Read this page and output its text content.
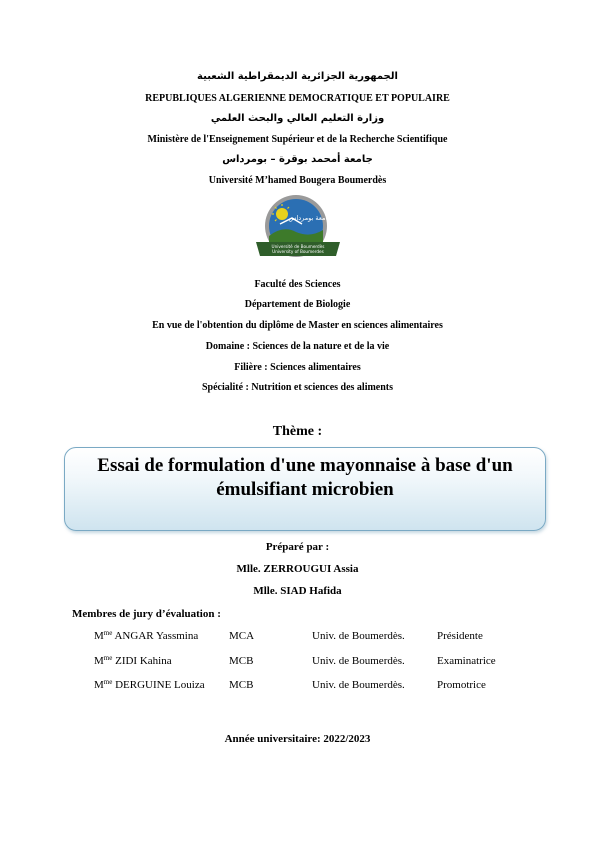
الجمهورية الجزائرية الديمقراطية الشعبية
REPUBLIQUES ALGERIENNE DEMOCRATIQUE ET POPULAIRE
وزارة التعليم العالي والبحث العلمي
Ministère de l'Enseignement Supérieur et de la Recherche Scientifique
جامعة أمحمد بوقرة – بومرداس
Université M’hamed Bougera Boumerdès
Université de Boumerdès
University of Boumerdes
جامعة بومرداس
Faculté des Sciences
Département de Biologie
En vue de l'obtention du diplôme de Master en sciences alimentaires
Domaine : Sciences de la nature et de la vie
Filière : Sciences alimentaires
Spécialité : Nutrition et sciences des aliments
Thème :
Essai de formulation d'une mayonnaise à base d'un
émulsifiant microbien
Préparé par :
Mlle. ZERROUGUI Assia
Mlle. SIAD Hafida
Membres de jury d’évaluation :
$M^{me}$ ANGAR Yassmina	MCA	Univ. de Boumerdès.	Présidente
$M^{me}$ ZIDI Kahina	MCB	Univ. de Boumerdès.	Examinatrice
$M^{me}$ DERGUINE Louiza MCB	Univ. de Boumerdès.	Promotrice
Année universitaire: 2022/2023
